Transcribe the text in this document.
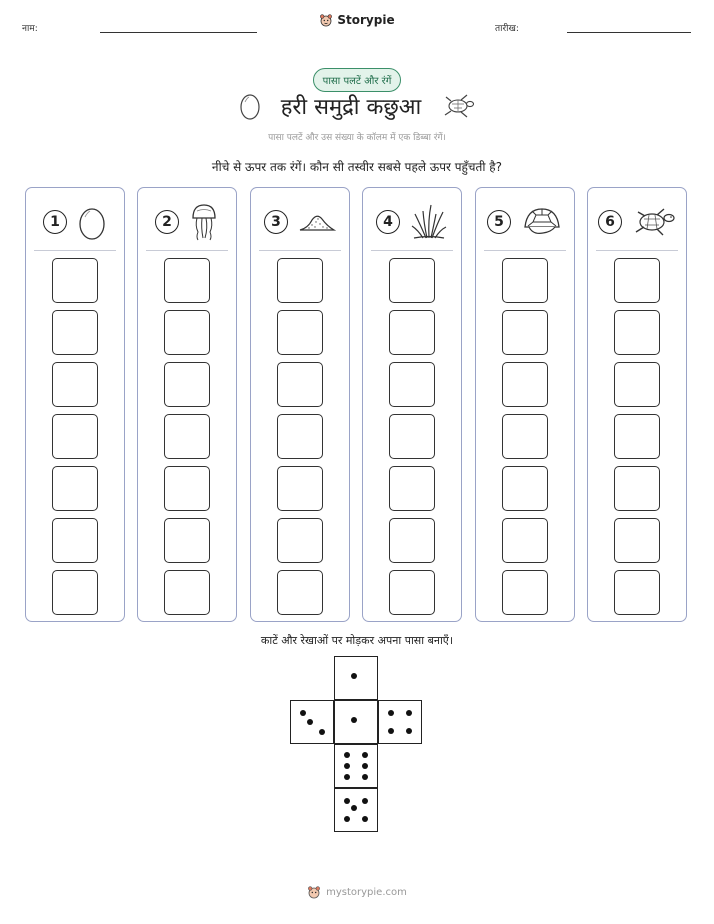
नाम:
Storypie
तारीख:
पासा पलटें और रंगें
हरी समुद्री कछुआ
पासा पलटें और उस संख्या के कॉलम में एक डिब्बा रंगें।
नीचे से ऊपर तक रंगें। कौन सी तस्वीर सबसे पहले ऊपर पहुँचती है?
1	2	3	4	5	6
काटें और रेखाओं पर मोड़कर अपना पासा बनाएँ।
mystorypie.com
